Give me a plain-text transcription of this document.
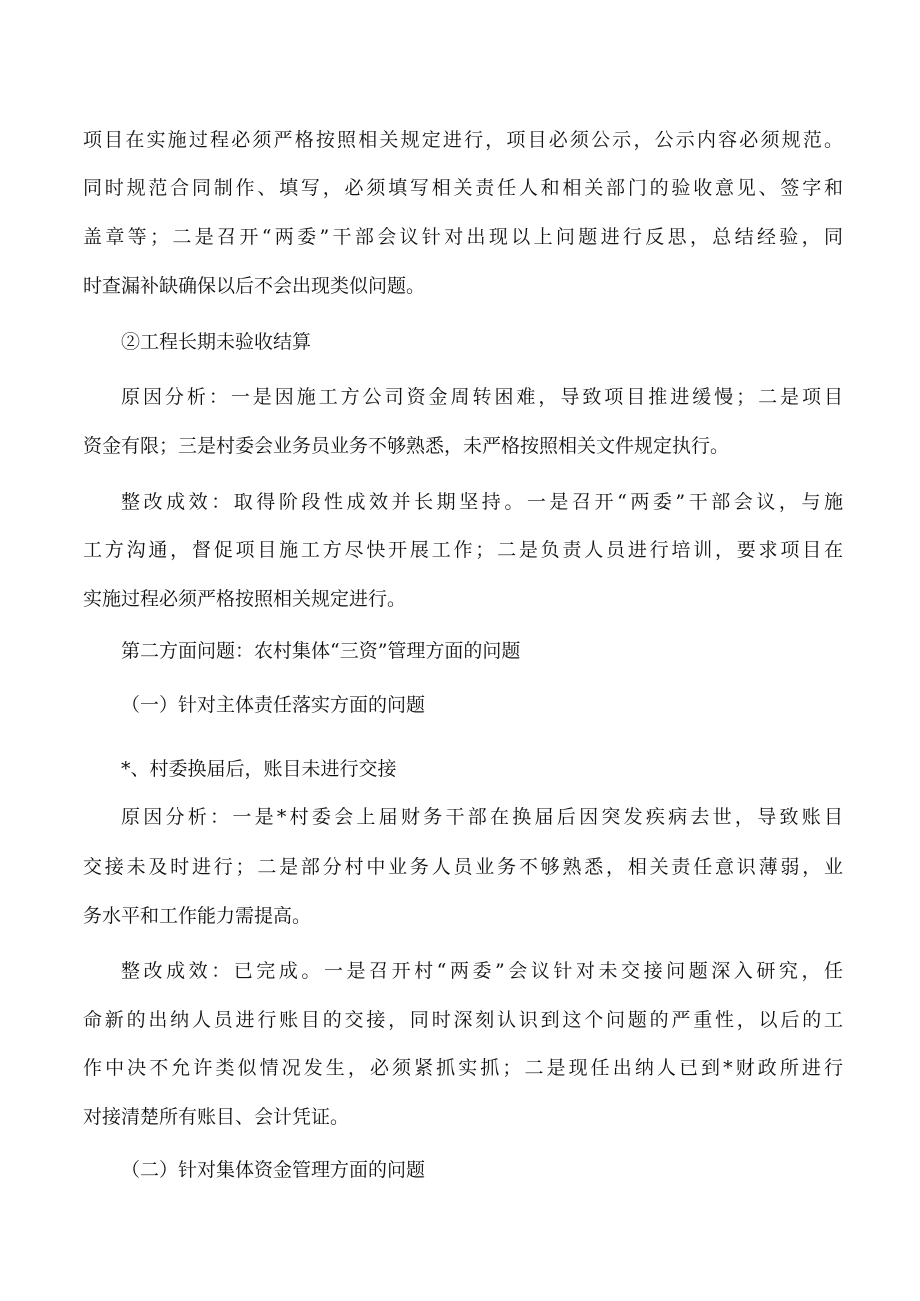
项目在实施过程必须严格按照相关规定进行，项目必须公示，公示内容必须规范。
同时规范合同制作、填写，必须填写相关责任人和相关部门的验收意见、签字和
盖章等；二是召开“两委”干部会议针对出现以上问题进行反思，总结经验，同
时查漏补缺确保以后不会出现类似问题。
②工程长期未验收结算
原因分析：一是因施工方公司资金周转困难，导致项目推进缓慢；二是项目
资金有限；三是村委会业务员业务不够熟悉，未严格按照相关文件规定执行。
整改成效：取得阶段性成效并长期坚持。一是召开“两委”干部会议，与施
工方沟通，督促项目施工方尽快开展工作；二是负责人员进行培训，要求项目在
实施过程必须严格按照相关规定进行。
第二方面问题：农村集体“三资”管理方面的问题
（一）针对主体责任落实方面的问题
*、村委换届后，账目未进行交接
原因分析：一是*村委会上届财务干部在换届后因突发疾病去世，导致账目
交接未及时进行；二是部分村中业务人员业务不够熟悉，相关责任意识薄弱，业
务水平和工作能力需提高。
整改成效：已完成。一是召开村“两委”会议针对未交接问题深入研究，任
命新的出纳人员进行账目的交接，同时深刻认识到这个问题的严重性，以后的工
作中决不允许类似情况发生，必须紧抓实抓；二是现任出纳人已到*财政所进行
对接清楚所有账目、会计凭证。
（二）针对集体资金管理方面的问题
